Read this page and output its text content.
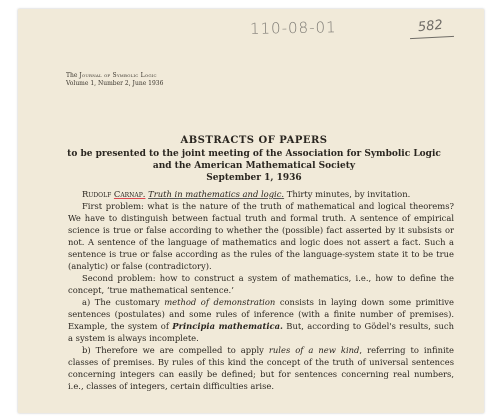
110-08-01	582
The Journal of Symbolic Logic
Volume 1, Number 2, June 1936
ABSTRACTS OF PAPERS
to be presented to the joint meeting of the Association for Symbolic Logic
and the American Mathematical Society
September 1, 1936

Rudolf Carnap. Truth in mathematics and logic. Thirty minutes, by invitation.

First problem: what is the nature of the truth of mathematical and logical theorems? We have to distinguish between factual truth and formal truth. A sentence of empirical science is true or false according to whether the (possible) fact asserted by it subsists or not. A sentence of the language of mathematics and logic does not assert a fact. Such a sentence is true or false according as the rules of the language-system state it to be true (analytic) or false (contradictory).

Second problem: how to construct a system of mathematics, i.e., how to define the concept, ‘true mathematical sentence.’

a) The customary method of demonstration consists in laying down some primitive sentences (postulates) and some rules of inference (with a finite number of premises). Example, the system of Principia mathematica. But, according to Gödel's results, such a system is always incomplete.

b) Therefore we are compelled to apply rules of a new kind, referring to infinite classes of premises. By rules of this kind the concept of the truth of universal sentences concerning integers can easily be defined; but for sentences concerning real numbers, i.e., classes of integers, certain difficulties arise.
